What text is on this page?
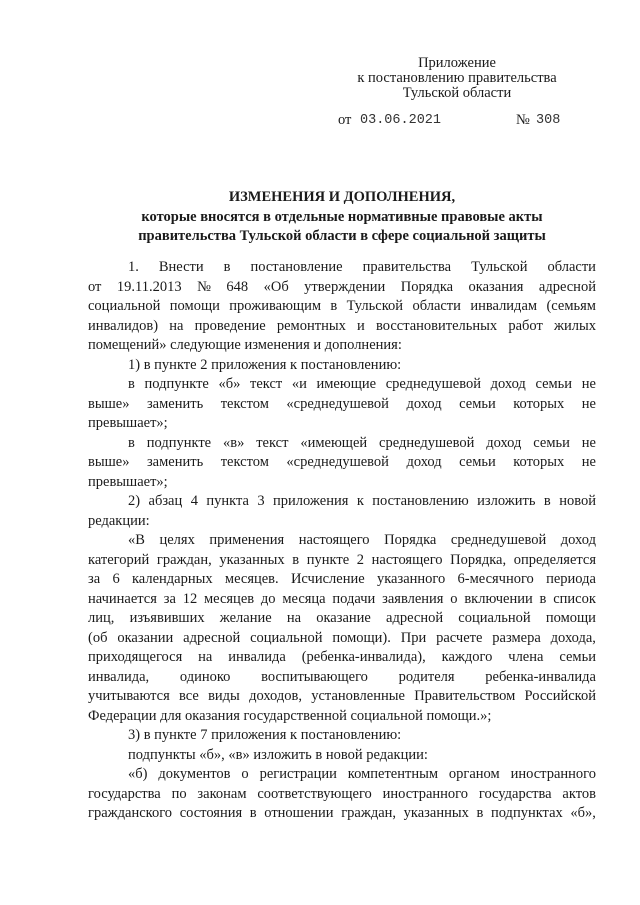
Приложение
к постановлению правительства
Тульской области
от 03.06.2021	№ 308
ИЗМЕНЕНИЯ И ДОПОЛНЕНИЯ,
которые вносятся в отдельные нормативные правовые акты
правительства Тульской области в сфере социальной защиты
1. Внести в постановление правительства Тульской области
от 19.11.2013 № 648 «Об утверждении Порядка оказания адресной
социальной помощи проживающим в Тульской области инвалидам (семьям
инвалидов) на проведение ремонтных и восстановительных работ жилых
помещений» следующие изменения и дополнения:
1) в пункте 2 приложения к постановлению:
в подпункте «б» текст «и имеющие среднедушевой доход семьи не
выше» заменить текстом «среднедушевой доход семьи которых не
превышает»;
в подпункте «в» текст «имеющей среднедушевой доход семьи не
выше» заменить текстом «среднедушевой доход семьи которых не
превышает»;
2) абзац 4 пункта 3 приложения к постановлению изложить в новой
редакции:
«В целях применения настоящего Порядка среднедушевой доход
категорий граждан, указанных в пункте 2 настоящего Порядка, определяется
за 6 календарных месяцев. Исчисление указанного 6-месячного периода
начинается за 12 месяцев до месяца подачи заявления о включении в список
лиц, изъявивших желание на оказание адресной социальной помощи
(об оказании адресной социальной помощи). При расчете размера дохода,
приходящегося на инвалида (ребенка-инвалида), каждого члена семьи
инвалида, одиноко воспитывающего родителя ребенка-инвалида
учитываются все виды доходов, установленные Правительством Российской
Федерации для оказания государственной социальной помощи.»;
3) в пункте 7 приложения к постановлению:
подпункты «б», «в» изложить в новой редакции:
«б) документов о регистрации компетентным органом иностранного
государства по законам соответствующего иностранного государства актов
гражданского состояния в отношении граждан, указанных в подпунктах «б»,
